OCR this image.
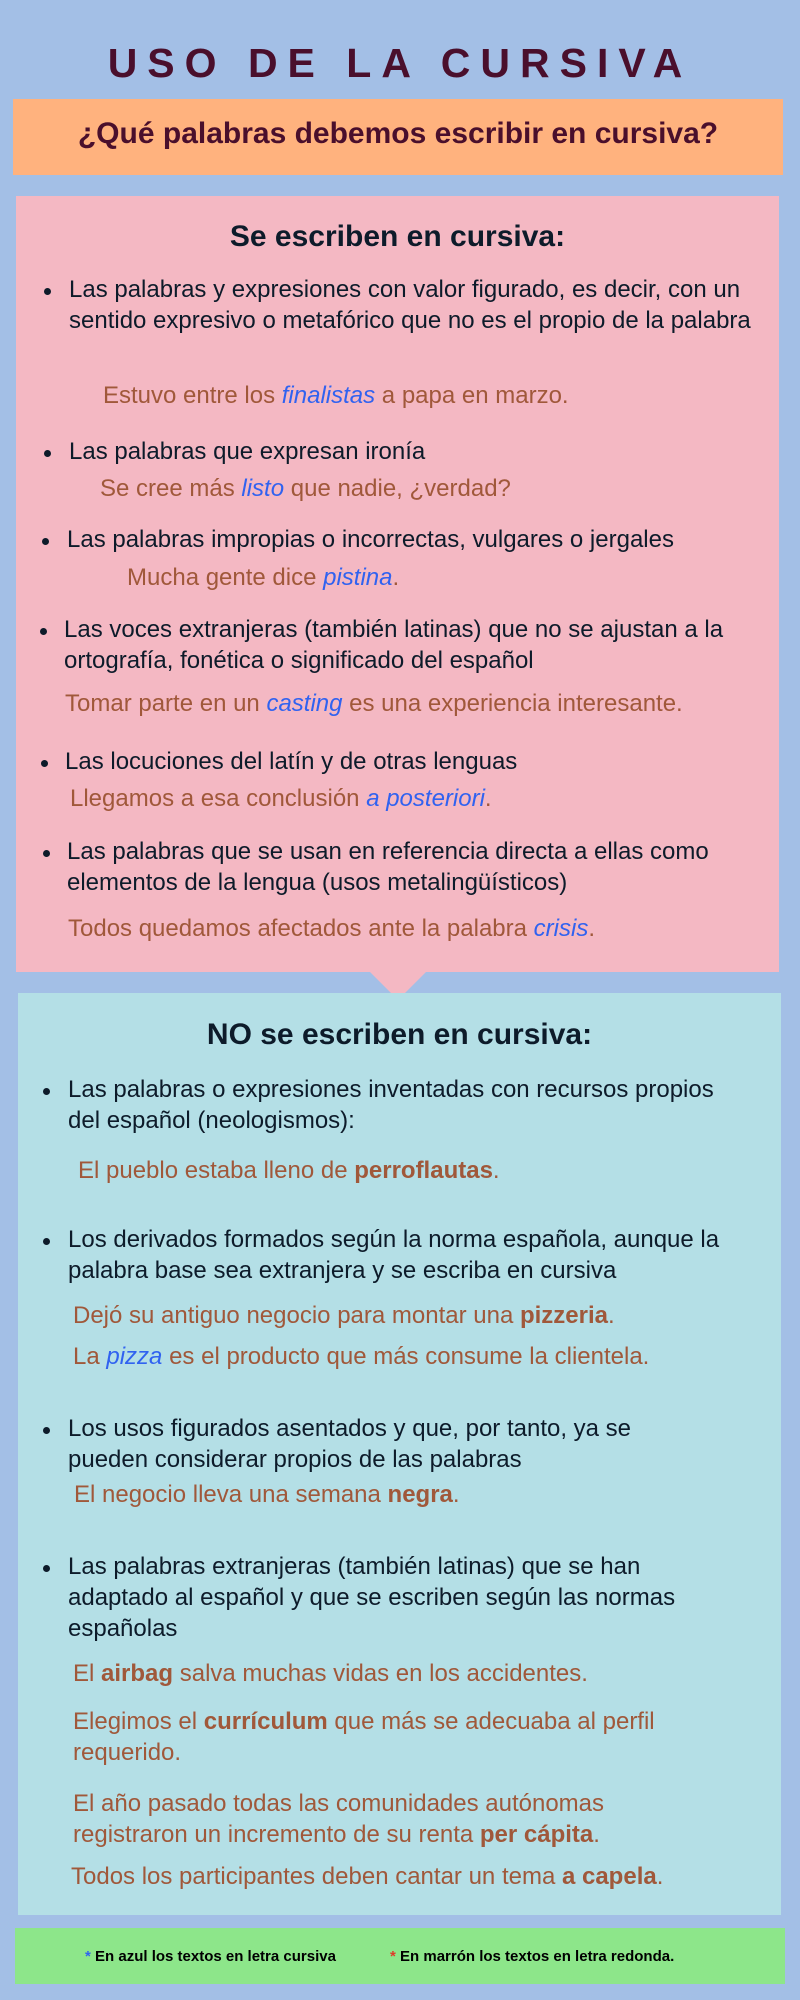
USO DE LA CURSIVA
¿Qué palabras debemos escribir en cursiva?
Se escriben en cursiva:
Las palabras y expresiones con valor figurado, es decir, con un sentido expresivo o metafórico que no es el propio de la palabra
Estuvo entre los finalistas a papa en marzo.
Las palabras que expresan ironía
Se cree más listo que nadie, ¿verdad?
Las palabras impropias o incorrectas, vulgares o jergales
Mucha gente dice pistina.
Las voces extranjeras (también latinas) que no se ajustan a la ortografía, fonética o significado del español
Tomar parte en un casting es una experiencia interesante.
Las locuciones del latín y de otras lenguas
Llegamos a esa conclusión a posteriori.
Las palabras que se usan en referencia directa a ellas como elementos de la lengua (usos metalingüísticos)
Todos quedamos afectados ante la palabra crisis.
NO se escriben en cursiva:
Las palabras o expresiones inventadas con recursos propios del español (neologismos):
El pueblo estaba lleno de perroflautas.
Los derivados formados según la norma española, aunque la palabra base sea extranjera y se escriba en cursiva
Dejó su antiguo negocio para montar una pizzeria.
La pizza es el producto que más consume la clientela.
Los usos figurados asentados y que, por tanto, ya se pueden considerar propios de las palabras
El negocio lleva una semana negra.
Las palabras extranjeras (también latinas) que se han adaptado al español y que se escriben según las normas españolas
El airbag salva muchas vidas en los accidentes.
Elegimos el currículum que más se adecuaba al perfil requerido.
El año pasado todas las comunidades autónomas registraron un incremento de su renta per cápita.
Todos los participantes deben cantar un tema a capela.
* En azul los textos en letra cursiva	* En marrón los textos en letra redonda.
